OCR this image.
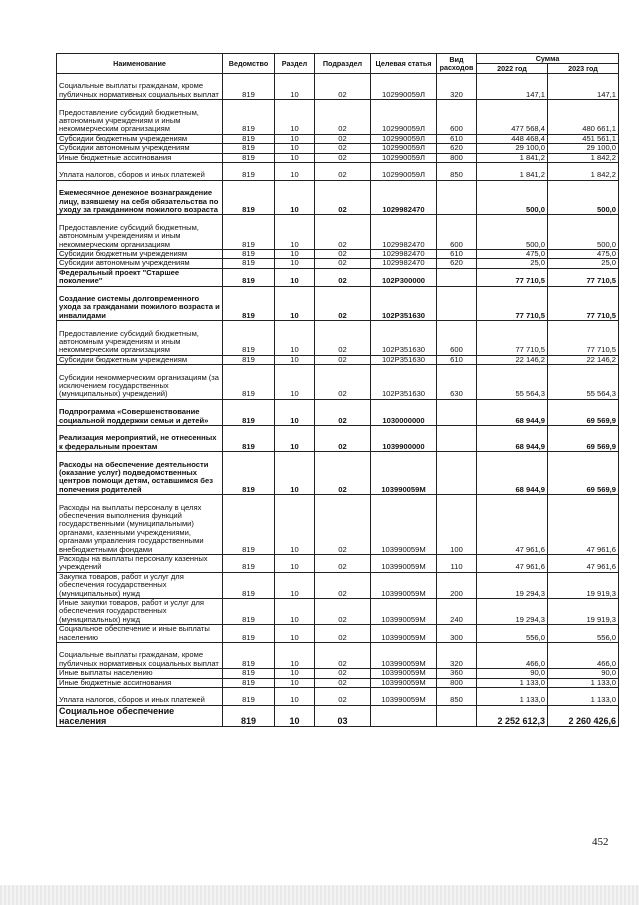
Наименование	Ведомство	Раздел	Подраздел	Целевая статья	Вид расходов	Сумма	
						2022 год	2023 год
Социальные выплаты гражданам, кроме публичных нормативных социальных выплат	819	10	02	102990059Л	320	147,1	147,1
Предоставление субсидий бюджетным, автономным учреждениям и иным некоммерческим организациям	819	10	02	102990059Л	600	477 568,4	480 661,1
Субсидии бюджетным учреждениям	819	10	02	102990059Л	610	448 468,4	451 561,1
Субсидии автономным учреждениям	819	10	02	102990059Л	620	29 100,0	29 100,0
Иные бюджетные ассигнования	819	10	02	102990059Л	800	1 841,2	1 842,2
Уплата налогов, сборов и иных платежей	819	10	02	102990059Л	850	1 841,2	1 842,2
Ежемесячное денежное вознаграждение лицу, взявшему на себя обязательства по уходу за гражданином пожилого возраста	819	10	02	1029982470		500,0	500,0
Предоставление субсидий бюджетным, автономным учреждениям и иным некоммерческим организациям	819	10	02	1029982470	600	500,0	500,0
Субсидии бюджетным учреждениям	819	10	02	1029982470	610	475,0	475,0
Субсидии автономным учреждениям	819	10	02	1029982470	620	25,0	25,0
Федеральный проект "Старшее поколение"	819	10	02	102P300000		77 710,5	77 710,5
Создание системы долговременного ухода за гражданами пожилого возраста и инвалидами	819	10	02	102P351630		77 710,5	77 710,5
Предоставление субсидий бюджетным, автономным учреждениям и иным некоммерческим организациям	819	10	02	102P351630	600	77 710,5	77 710,5
Субсидии бюджетным учреждениям	819	10	02	102P351630	610	22 146,2	22 146,2
Субсидии некоммерческим организациям (за исключением государственных (муниципальных) учреждений)	819	10	02	102P351630	630	55 564,3	55 564,3
Подпрограмма «Совершенствование социальной поддержки семьи и детей»	819	10	02	1030000000		68 944,9	69 569,9
Реализация мероприятий, не отнесенных к федеральным проектам	819	10	02	1039900000		68 944,9	69 569,9
Расходы на обеспечение деятельности (оказание услуг) подведомственных центров помощи детям, оставшимся без попечения родителей	819	10	02	103990059M		68 944,9	69 569,9
Расходы на выплаты персоналу в целях обеспечения выполнения функций государственными (муниципальными) органами, казенными учреждениями, органами управления государственными внебюджетными фондами	819	10	02	103990059M	100	47 961,6	47 961,6
Расходы на выплаты персоналу казенных учреждений	819	10	02	103990059M	110	47 961,6	47 961,6
Закупка товаров, работ и услуг для обеспечения государственных (муниципальных) нужд	819	10	02	103990059M	200	19 294,3	19 919,3
Иные закупки товаров, работ и услуг для обеспечения государственных (муниципальных) нужд	819	10	02	103990059M	240	19 294,3	19 919,3
Социальное обеспечение и иные выплаты населению	819	10	02	103990059M	300	556,0	556,0
Социальные выплаты гражданам, кроме публичных нормативных социальных выплат	819	10	02	103990059M	320	466,0	466,0
Иные выплаты населению	819	10	02	103990059M	360	90,0	90,0
Иные бюджетные ассигнования	819	10	02	103990059M	800	1 133,0	1 133,0
Уплата налогов, сборов и иных платежей	819	10	02	103990059M	850	1 133,0	1 133,0
Социальное обеспечение населения	819	10	03			2 252 612,3	2 260 426,6
452
